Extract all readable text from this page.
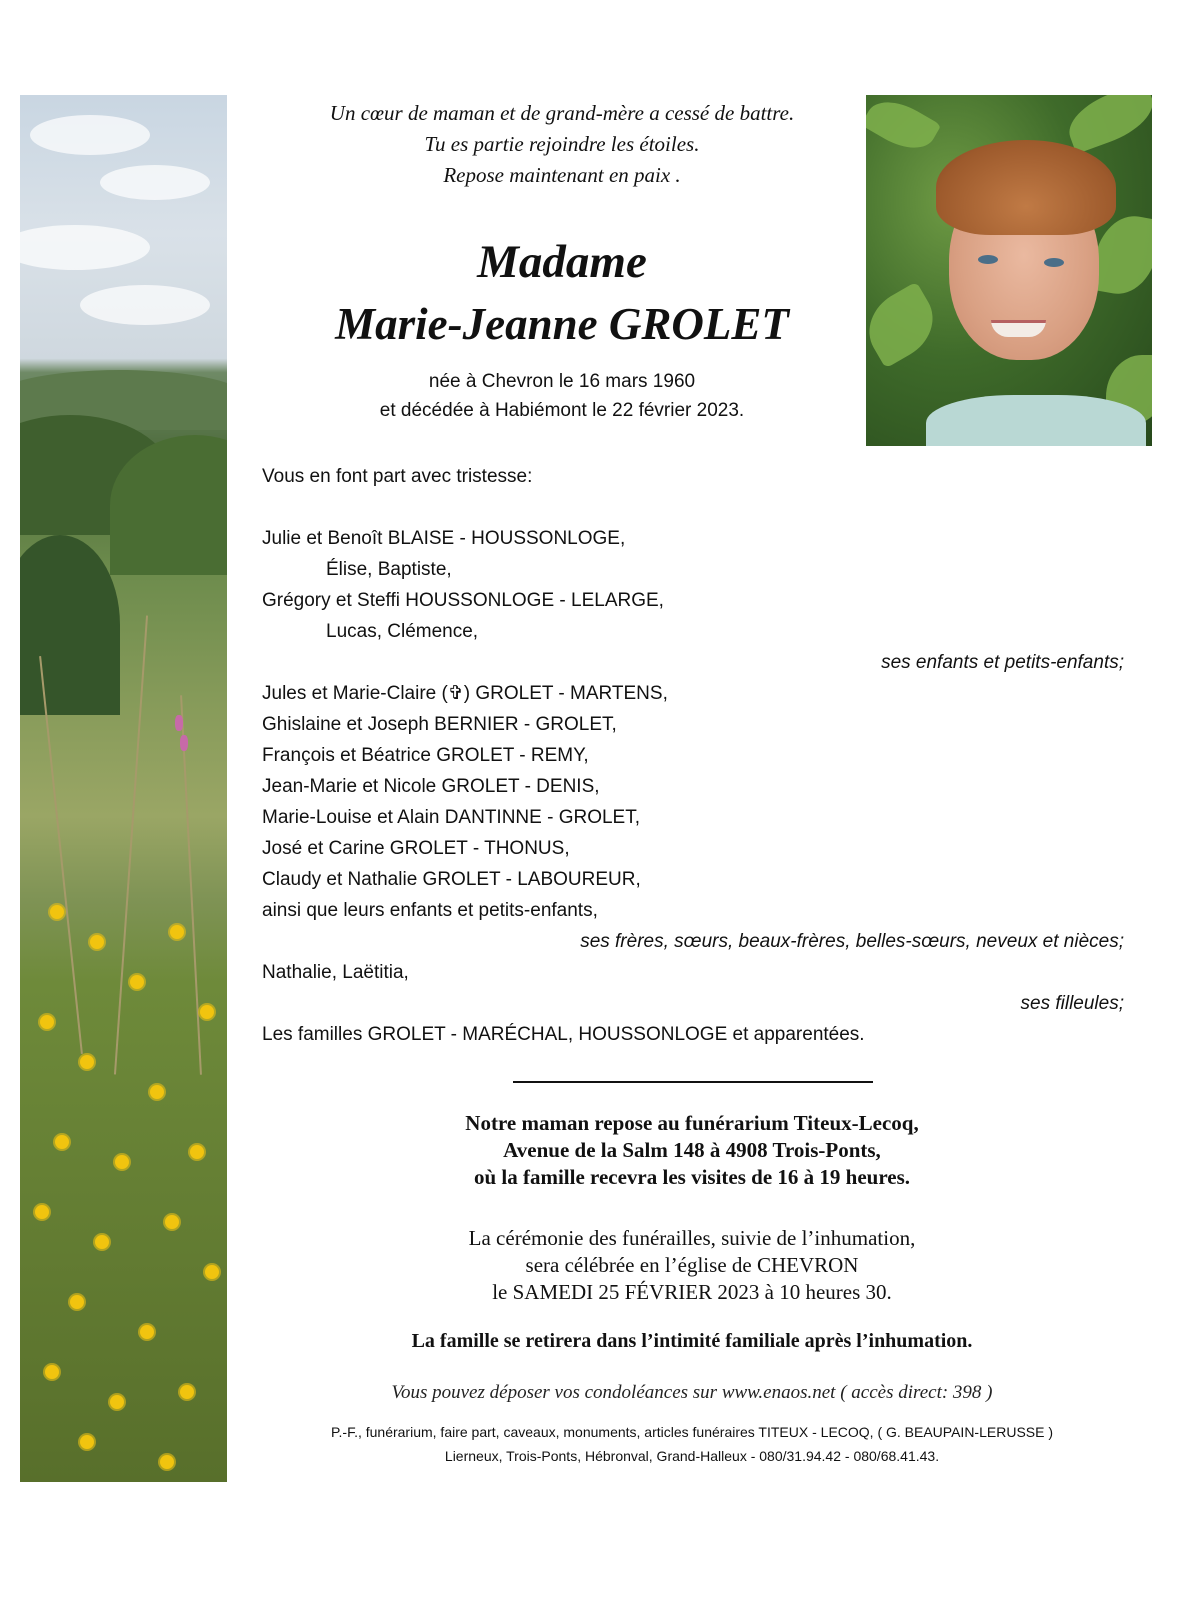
Un cœur de maman et de grand-mère a cessé de battre.
Tu es partie rejoindre les étoiles.
Repose maintenant en paix .
Madame
Marie-Jeanne GROLET
née à Chevron le 16 mars 1960
et décédée à Habiémont le 22 février 2023.
Vous en font part avec tristesse:
Julie et Benoît BLAISE - HOUSSONLOGE,
Élise, Baptiste,
Grégory et Steffi HOUSSONLOGE - LELARGE,
Lucas, Clémence,
ses enfants et petits-enfants;
Jules et Marie-Claire (✞) GROLET - MARTENS,
Ghislaine et Joseph BERNIER - GROLET,
François et Béatrice GROLET - REMY,
Jean-Marie et Nicole GROLET - DENIS,
Marie-Louise et Alain DANTINNE - GROLET,
José et Carine GROLET - THONUS,
Claudy et Nathalie GROLET - LABOUREUR,
ainsi que leurs enfants et petits-enfants,
ses frères, sœurs, beaux-frères, belles-sœurs, neveux et nièces;
Nathalie, Laëtitia,
ses filleules;
Les familles GROLET - MARÉCHAL, HOUSSONLOGE et apparentées.
Notre maman repose au funérarium Titeux-Lecoq,
Avenue de la Salm 148 à 4908 Trois-Ponts,
où la famille recevra les visites de 16 à 19 heures.
La cérémonie des funérailles, suivie de l’inhumation,
sera célébrée en l’église de CHEVRON
le SAMEDI 25 FÉVRIER 2023 à 10 heures 30.
La famille se retirera dans l’intimité familiale après l’inhumation.
Vous pouvez déposer vos condoléances sur www.enaos.net ( accès direct: 398 )
P.-F., funérarium, faire part, caveaux, monuments, articles funéraires TITEUX - LECOQ, ( G. BEAUPAIN-LERUSSE )
Lierneux, Trois-Ponts, Hébronval, Grand-Halleux - 080/31.94.42 - 080/68.41.43.
